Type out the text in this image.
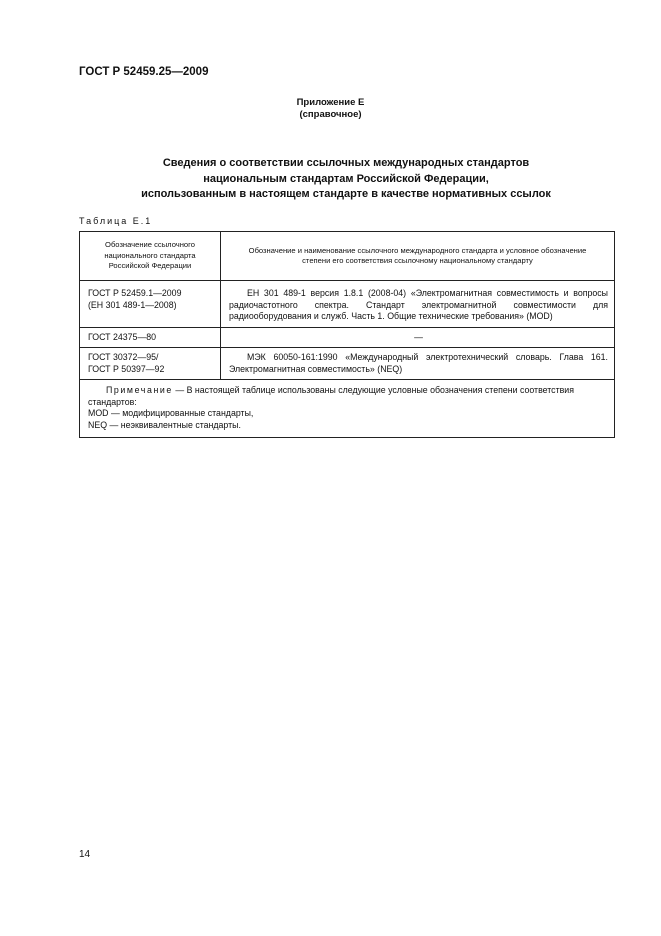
ГОСТ Р 52459.25—2009
Приложение Е
(справочное)
Сведения о соответствии ссылочных международных стандартов
национальным стандартам Российской Федерации,
использованным в настоящем стандарте в качестве нормативных ссылок
Таблица Е.1
Обозначение ссылочного национального стандарта Российской Федерации	Обозначение и наименование ссылочного международного стандарта и условное обозначение степени его соответствия ссылочному национальному стандарту

ГОСТ Р 52459.1—2009
(ЕН 301 489-1—2008)	ЕН 301 489-1 версия 1.8.1 (2008-04) «Электромагнитная совместимость и вопросы радиочастотного спектра. Стандарт электромагнитной совместимости для радиооборудования и служб. Часть 1. Общие технические требования» (MOD)

ГОСТ 24375—80	—

ГОСТ 30372—95/
ГОСТ Р 50397—92	МЭК 60050-161:1990 «Международный электротехнический словарь. Глава 161. Электромагнитная совместимость» (NEQ)

Примечание — В настоящей таблице использованы следующие условные обозначения степени соответствия стандартов:
MOD — модифицированные стандарты,
NEQ — неэквивалентные стандарты.	
14
